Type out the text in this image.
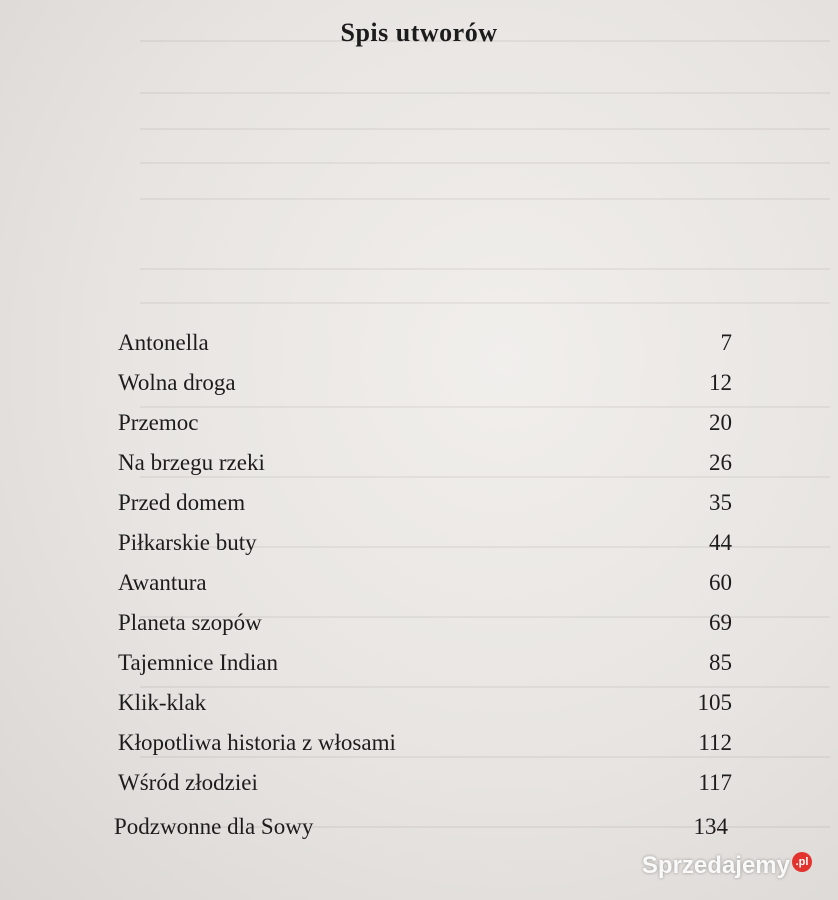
Spis utworów
Antonella	7
Wolna droga	12
Przemoc	20
Na brzegu rzeki	26
Przed domem	35
Piłkarskie buty	44
Awantura	60
Planeta szopów	69
Tajemnice Indian	85
Klik-klak	105
Kłopotliwa historia z włosami	112
Wśród złodziei	117
Podzwonne dla Sowy	134
Sprzedajemy .pl
